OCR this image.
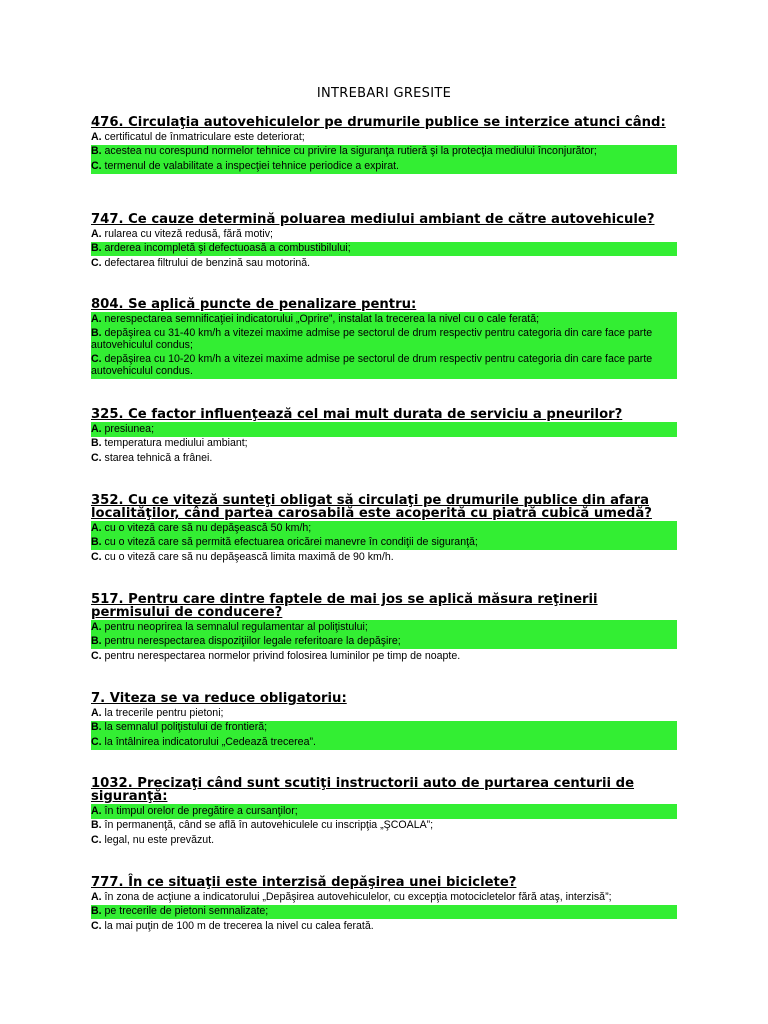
INTREBARI GRESITE
476. Circulaţia autovehiculelor pe drumurile publice se interzice atunci când:
A. certificatul de înmatriculare este deteriorat;
B. acestea nu corespund normelor tehnice cu privire la siguranţa rutieră şi la protecţia mediului înconjurător;
C. termenul de valabilitate a inspecţiei tehnice periodice a expirat.
747. Ce cauze determină poluarea mediului ambiant de către autovehicule?
A. rularea cu viteză redusă, fără motiv;
B. arderea incompletă şi defectuoasă a combustibilului;
C. defectarea filtrului de benzină sau motorină.
804. Se aplică puncte de penalizare pentru:
A. nerespectarea semnificaţiei indicatorului „Oprire”, instalat la trecerea la nivel cu o cale ferată;
B. depăşirea cu 31-40 km/h a vitezei maxime admise pe sectorul de drum respectiv pentru categoria din care face parte autovehiculul condus;
C. depăşirea cu 10-20 km/h a vitezei maxime admise pe sectorul de drum respectiv pentru categoria din care face parte autovehiculul condus.
325. Ce factor influenţează cel mai mult durata de serviciu a pneurilor?
A. presiunea;
B. temperatura mediului ambiant;
C. starea tehnică a frânei.
352. Cu ce viteză sunteţi obligat să circulaţi pe drumurile publice din afara localităţilor, când partea carosabilă este acoperită cu piatră cubică umedă?
A. cu o viteză care să nu depăşească 50 km/h;
B. cu o viteză care să permită efectuarea oricărei manevre în condiţii de siguranţă;
C. cu o viteză care să nu depăşească limita maximă de 90 km/h.
517. Pentru care dintre faptele de mai jos se aplică măsura reţinerii permisului de conducere?
A. pentru neoprirea la semnalul regulamentar al poliţistului;
B. pentru nerespectarea dispoziţiilor legale referitoare la depăşire;
C. pentru nerespectarea normelor privind folosirea luminilor pe timp de noapte.
7. Viteza se va reduce obligatoriu:
A. la trecerile pentru pietoni;
B. la semnalul poliţistului de frontieră;
C. la întâlnirea indicatorului „Cedează trecerea”.
1032. Precizaţi când sunt scutiţi instructorii auto de purtarea centurii de siguranţă:
A. în timpul orelor de pregătire a cursanţilor;
B. în permanenţă, când se află în autovehiculele cu inscripţia „ŞCOALA”;
C. legal, nu este prevăzut.
777. În ce situaţii este interzisă depăşirea unei biciclete?
A. în zona de acţiune a indicatorului „Depăşirea autovehiculelor, cu excepţia motocicletelor fără ataş, interzisă”;
B. pe trecerile de pietoni semnalizate;
C. la mai puţin de 100 m de trecerea la nivel cu calea ferată.
